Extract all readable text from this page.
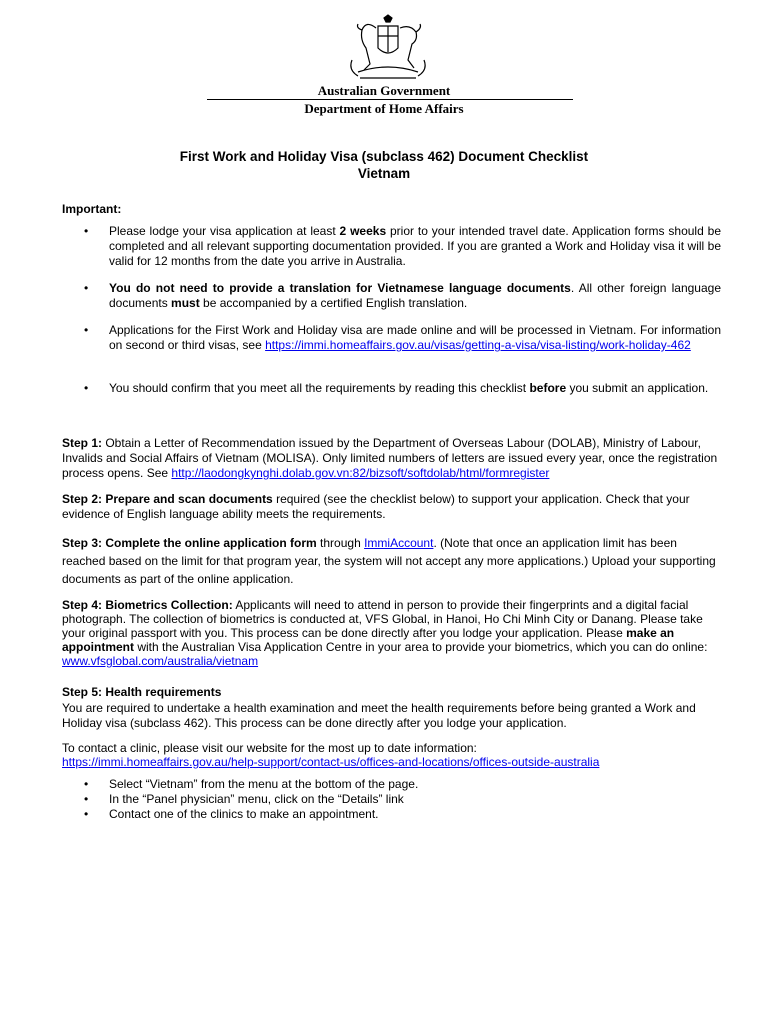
Australian Government
Department of Home Affairs
First Work and Holiday Visa (subclass 462) Document Checklist
Vietnam
Important:
• Please lodge your visa application at least 2 weeks prior to your intended travel date. Application forms should be completed and all relevant supporting documentation provided. If you are granted a Work and Holiday visa it will be valid for 12 months from the date you arrive in Australia.
• You do not need to provide a translation for Vietnamese language documents. All other foreign language documents must be accompanied by a certified English translation.
• Applications for the First Work and Holiday visa are made online and will be processed in Vietnam. For information on second or third visas, see https://immi.homeaffairs.gov.au/visas/getting-a-visa/visa-listing/work-holiday-462
• You should confirm that you meet all the requirements by reading this checklist before you submit an application.
Step 1: Obtain a Letter of Recommendation issued by the Department of Overseas Labour (DOLAB), Ministry of Labour, Invalids and Social Affairs of Vietnam (MOLISA). Only limited numbers of letters are issued every year, once the registration process opens. See http://laodongkynghi.dolab.gov.vn:82/bizsoft/softdolab/html/formregister
Step 2: Prepare and scan documents required (see the checklist below) to support your application. Check that your evidence of English language ability meets the requirements.
Step 3: Complete the online application form through ImmiAccount. (Note that once an application limit has been reached based on the limit for that program year, the system will not accept any more applications.) Upload your supporting documents as part of the online application.
Step 4: Biometrics Collection: Applicants will need to attend in person to provide their fingerprints and a digital facial photograph. The collection of biometrics is conducted at, VFS Global, in Hanoi, Ho Chi Minh City or Danang. Please take your original passport with you. This process can be done directly after you lodge your application. Please make an appointment with the Australian Visa Application Centre in your area to provide your biometrics, which you can do online: www.vfsglobal.com/australia/vietnam
Step 5: Health requirements
You are required to undertake a health examination and meet the health requirements before being granted a Work and Holiday visa (subclass 462). This process can be done directly after you lodge your application.
To contact a clinic, please visit our website for the most up to date information:
https://immi.homeaffairs.gov.au/help-support/contact-us/offices-and-locations/offices-outside-australia
• Select “Vietnam” from the menu at the bottom of the page.
• In the “Panel physician” menu, click on the “Details” link
• Contact one of the clinics to make an appointment.
